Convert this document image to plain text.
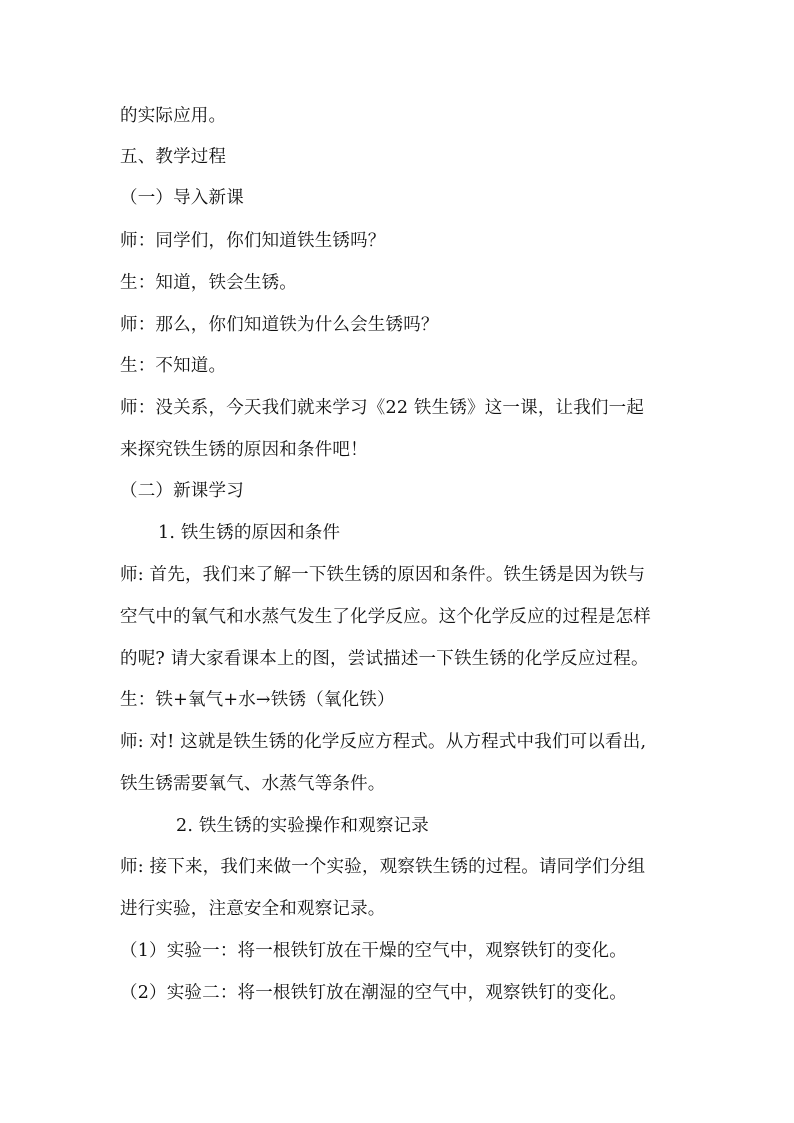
的实际应用。
五、教学过程
（一）导入新课
师：同学们，你们知道铁生锈吗？
生：知道，铁会生锈。
师：那么，你们知道铁为什么会生锈吗？
生：不知道。
师：没关系，今天我们就来学习《22 铁生锈》这一课，让我们一起
来探究铁生锈的原因和条件吧！
（二）新课学习
1. 铁生锈的原因和条件
师: 首先，我们来了解一下铁生锈的原因和条件。铁生锈是因为铁与
空气中的氧气和水蒸气发生了化学反应。这个化学反应的过程是怎样
的呢? 请大家看课本上的图，尝试描述一下铁生锈的化学反应过程。
生：铁+氧气+水→铁锈（氧化铁）
师: 对! 这就是铁生锈的化学反应方程式。从方程式中我们可以看出,
铁生锈需要氧气、水蒸气等条件。
2. 铁生锈的实验操作和观察记录
师: 接下来，我们来做一个实验，观察铁生锈的过程。请同学们分组
进行实验，注意安全和观察记录。
（1）实验一：将一根铁钉放在干燥的空气中，观察铁钉的变化。
（2）实验二：将一根铁钉放在潮湿的空气中，观察铁钉的变化。
